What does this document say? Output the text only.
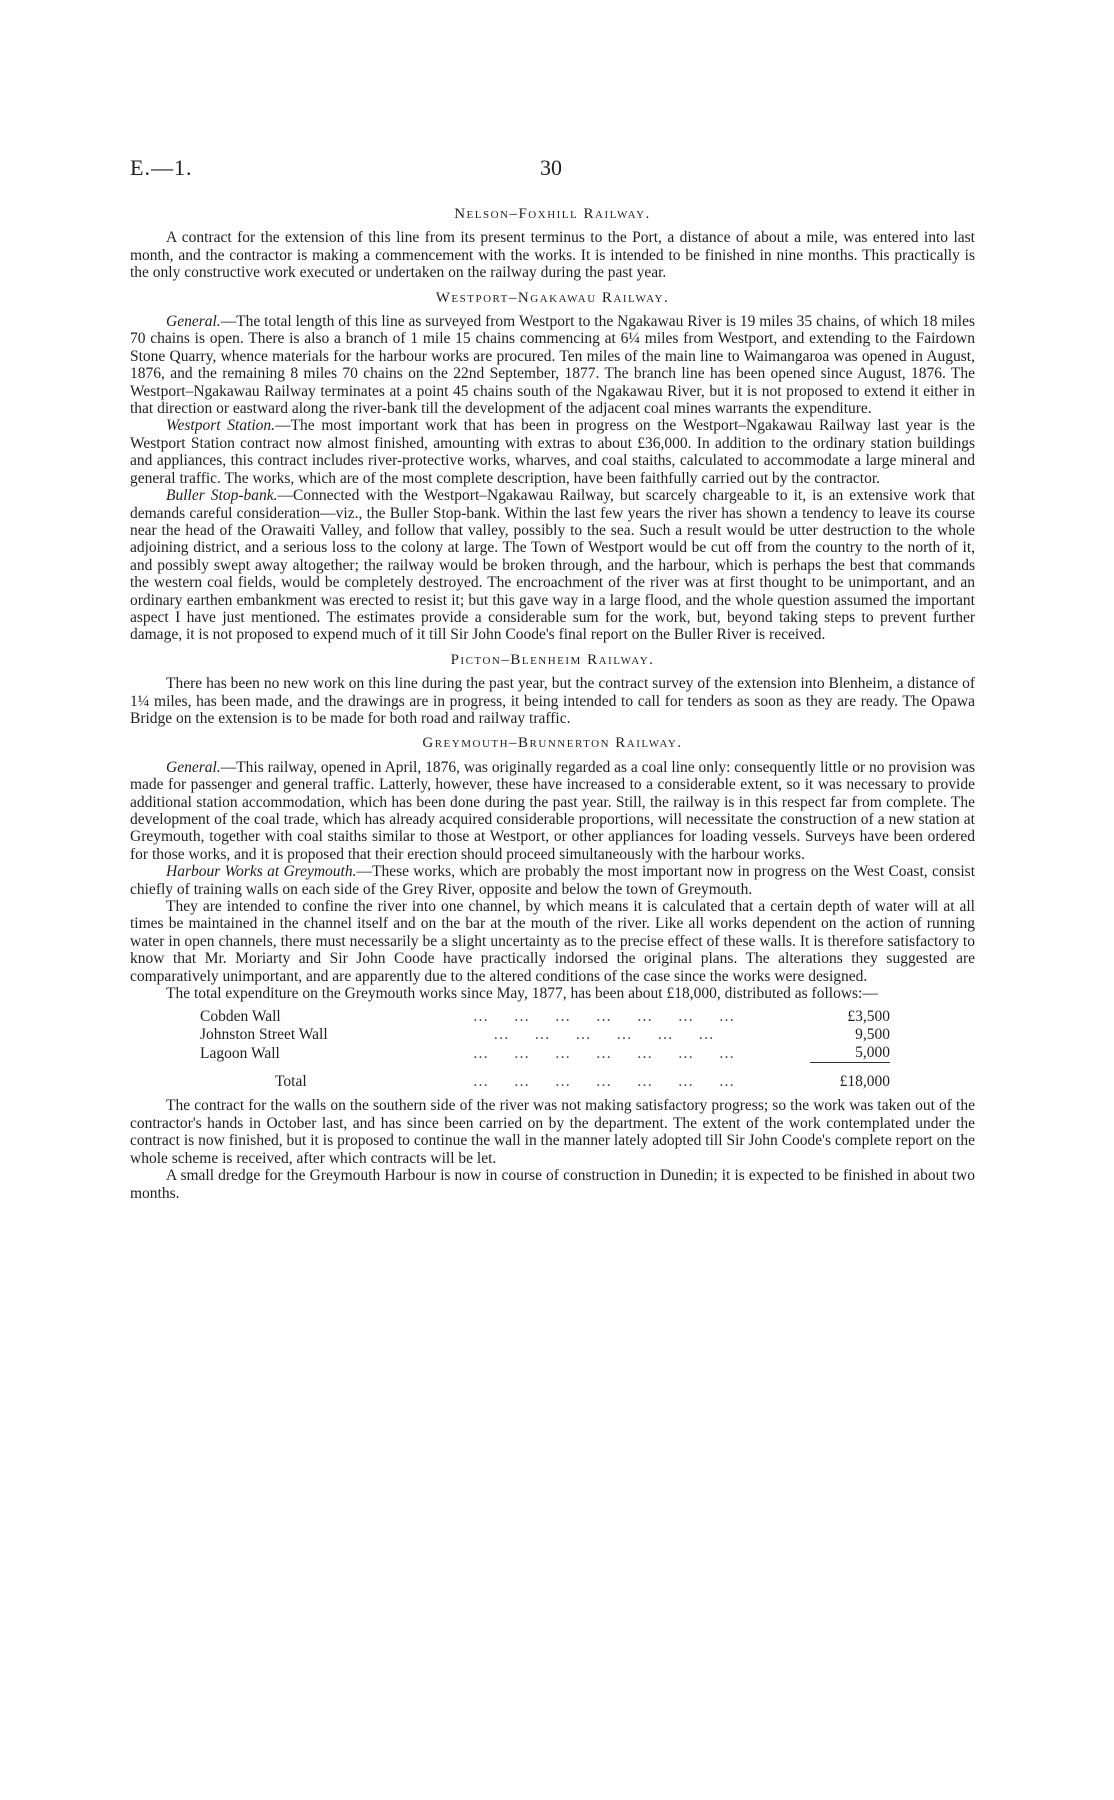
E.—1.	30
Nelson–Foxhill Railway.

A contract for the extension of this line from its present terminus to the Port, a distance of about a mile, was entered into last month, and the contractor is making a commencement with the works. It is intended to be finished in nine months. This practically is the only constructive work executed or undertaken on the railway during the past year.

Westport–Ngakawau Railway.

General.—The total length of this line as surveyed from Westport to the Ngakawau River is 19 miles 35 chains, of which 18 miles 70 chains is open. There is also a branch of 1 mile 15 chains commencing at 6¼ miles from Westport, and extending to the Fairdown Stone Quarry, whence materials for the harbour works are procured. Ten miles of the main line to Waimangaroa was opened in August, 1876, and the remaining 8 miles 70 chains on the 22nd September, 1877. The branch line has been opened since August, 1876. The Westport–Ngakawau Railway terminates at a point 45 chains south of the Ngakawau River, but it is not proposed to extend it either in that direction or eastward along the river-bank till the development of the adjacent coal mines warrants the expenditure.

Westport Station.—The most important work that has been in progress on the Westport–Ngakawau Railway last year is the Westport Station contract now almost finished, amounting with extras to about £36,000. In addition to the ordinary station buildings and appliances, this contract includes river-protective works, wharves, and coal staiths, calculated to accommodate a large mineral and general traffic. The works, which are of the most complete description, have been faithfully carried out by the contractor.

Buller Stop-bank.—Connected with the Westport–Ngakawau Railway, but scarcely chargeable to it, is an extensive work that demands careful consideration—viz., the Buller Stop-bank. Within the last few years the river has shown a tendency to leave its course near the head of the Orawaiti Valley, and follow that valley, possibly to the sea. Such a result would be utter destruction to the whole adjoining district, and a serious loss to the colony at large. The Town of Westport would be cut off from the country to the north of it, and possibly swept away altogether; the railway would be broken through, and the harbour, which is perhaps the best that commands the western coal fields, would be completely destroyed. The encroachment of the river was at first thought to be unimportant, and an ordinary earthen embankment was erected to resist it; but this gave way in a large flood, and the whole question assumed the important aspect I have just mentioned. The estimates provide a considerable sum for the work, but, beyond taking steps to prevent further damage, it is not proposed to expend much of it till Sir John Coode's final report on the Buller River is received.

Picton–Blenheim Railway.

There has been no new work on this line during the past year, but the contract survey of the extension into Blenheim, a distance of 1¼ miles, has been made, and the drawings are in progress, it being intended to call for tenders as soon as they are ready. The Opawa Bridge on the extension is to be made for both road and railway traffic.

Greymouth–Brunnerton Railway.

General.—This railway, opened in April, 1876, was originally regarded as a coal line only: consequently little or no provision was made for passenger and general traffic. Latterly, however, these have increased to a considerable extent, so it was necessary to provide additional station accommodation, which has been done during the past year. Still, the railway is in this respect far from complete. The development of the coal trade, which has already acquired considerable proportions, will necessitate the construction of a new station at Greymouth, together with coal staiths similar to those at Westport, or other appliances for loading vessels. Surveys have been ordered for those works, and it is proposed that their erection should proceed simultaneously with the harbour works.

Harbour Works at Greymouth.—These works, which are probably the most important now in progress on the West Coast, consist chiefly of training walls on each side of the Grey River, opposite and below the town of Greymouth.

They are intended to confine the river into one channel, by which means it is calculated that a certain depth of water will at all times be maintained in the channel itself and on the bar at the mouth of the river. Like all works dependent on the action of running water in open channels, there must necessarily be a slight uncertainty as to the precise effect of these walls. It is therefore satisfactory to know that Mr. Moriarty and Sir John Coode have practically indorsed the original plans. The alterations they suggested are comparatively unimportant, and are apparently due to the altered conditions of the case since the works were designed.

The total expenditure on the Greymouth works since May, 1877, has been about £18,000, distributed as follows:—

Cobden Wall	…    …    …    …    …    …    …	£3,500
Johnston Street Wall	…    …    …    …    …    …	9,500
Lagoon Wall	…    …    …    …    …    …    …	5,000

Total	…    …    …    …    …    …    …	£18,000

The contract for the walls on the southern side of the river was not making satisfactory progress; so the work was taken out of the contractor's hands in October last, and has since been carried on by the department. The extent of the work contemplated under the contract is now finished, but it is proposed to continue the wall in the manner lately adopted till Sir John Coode's complete report on the whole scheme is received, after which contracts will be let.

A small dredge for the Greymouth Harbour is now in course of construction in Dunedin; it is expected to be finished in about two months.
